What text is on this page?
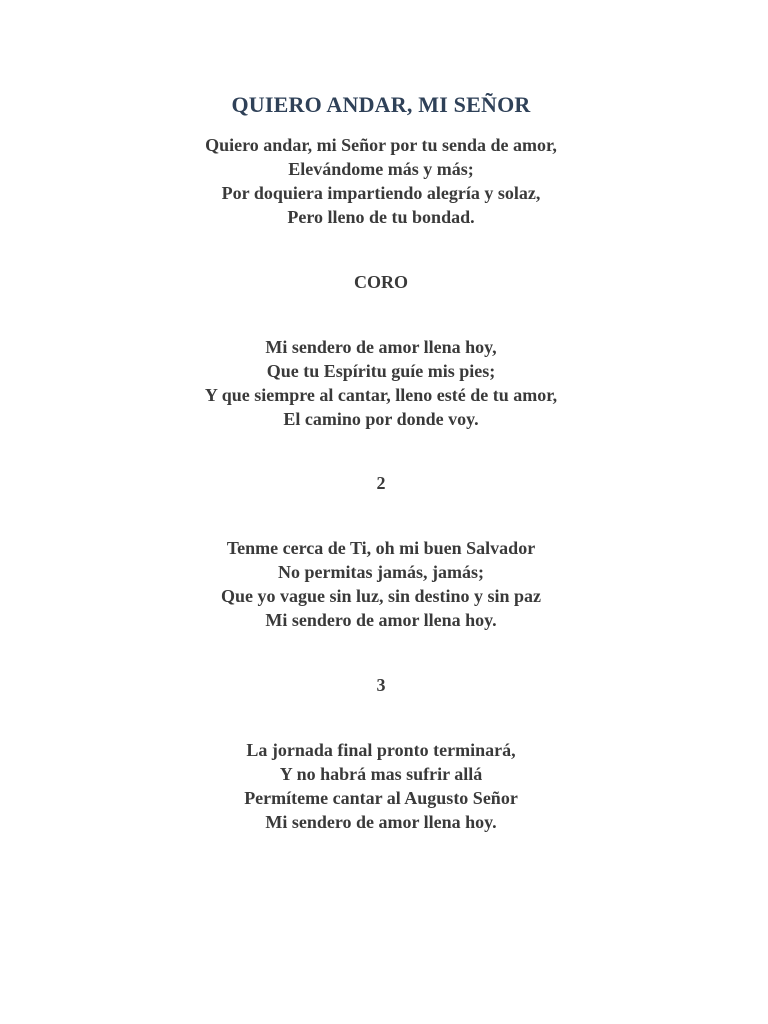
QUIERO ANDAR, MI SEÑOR
Quiero andar, mi Señor por tu senda de amor,
Elevándome más y más;
Por doquiera impartiendo alegría y solaz,
Pero lleno de tu bondad.
CORO
Mi sendero de amor llena hoy,
Que tu Espíritu guíe mis pies;
Y que siempre al cantar, lleno esté de tu amor,
El camino por donde voy.
2
Tenme cerca de Ti, oh mi buen Salvador
No permitas jamás, jamás;
Que yo vague sin luz, sin destino y sin paz
Mi sendero de amor llena hoy.
3
La jornada final pronto terminará,
Y no habrá mas sufrir allá
Permíteme cantar al Augusto Señor
Mi sendero de amor llena hoy.
